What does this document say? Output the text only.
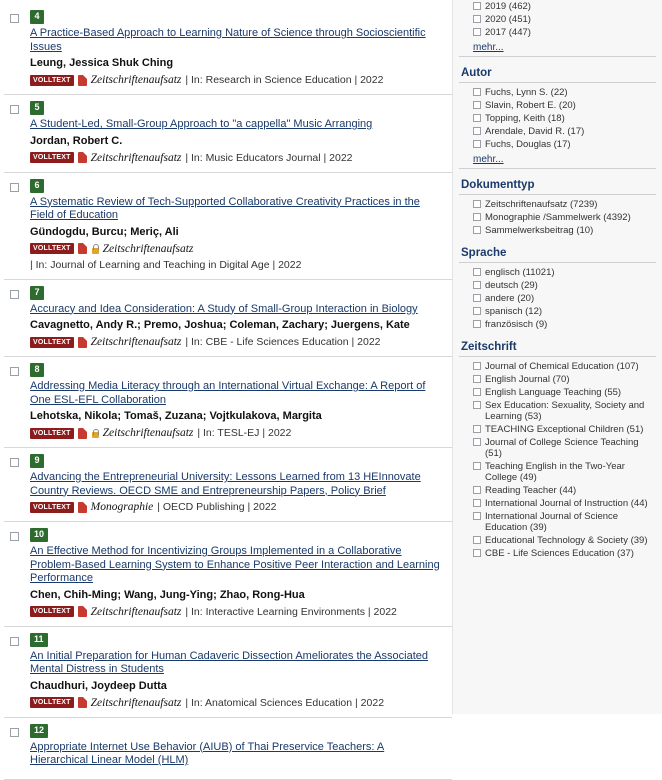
4
A Practice-Based Approach to Learning Nature of Science through Socioscientific Issues
Leung, Jessica Shuk Ching
VOLLTEXT Zeitschriftenaufsatz | In: Research in Science Education | 2022
5
A Student-Led, Small-Group Approach to "a cappella" Music Arranging
Jordan, Robert C.
VOLLTEXT Zeitschriftenaufsatz | In: Music Educators Journal | 2022
6
A Systematic Review of Tech-Supported Collaborative Creativity Practices in the Field of Education
Gündogdu, Burcu; Meriç, Ali
VOLLTEXT	Zeitschriftenaufsatz
| In: Journal of Learning and Teaching in Digital Age | 2022
7
Accuracy and Idea Consideration: A Study of Small-Group Interaction in Biology
Cavagnetto, Andy R.; Premo, Joshua; Coleman, Zachary; Juergens, Kate
VOLLTEXT Zeitschriftenaufsatz | In: CBE - Life Sciences Education | 2022
8
Addressing Media Literacy through an International Virtual Exchange: A Report of One ESL-EFL Collaboration
Lehotska, Nikola; Tomaš, Zuzana; Vojtkulakova, Margita
VOLLTEXT	Zeitschriftenaufsatz | In: TESL-EJ | 2022
9
Advancing the Entrepreneurial University: Lessons Learned from 13 HEInnovate Country Reviews. OECD SME and Entrepreneurship Papers, Policy Brief
VOLLTEXT Monographie | OECD Publishing | 2022
10
An Effective Method for Incentivizing Groups Implemented in a Collaborative Problem-Based Learning System to Enhance Positive Peer Interaction and Learning Performance
Chen, Chih-Ming; Wang, Jung-Ying; Zhao, Rong-Hua
VOLLTEXT Zeitschriftenaufsatz | In: Interactive Learning Environments | 2022
11
An Initial Preparation for Human Cadaveric Dissection Ameliorates the Associated Mental Distress in Students
Chaudhuri, Joydeep Dutta
VOLLTEXT Zeitschriftenaufsatz | In: Anatomical Sciences Education | 2022
12
Appropriate Internet Use Behavior (AIUB) of Thai Preservice Teachers: A Hierarchical Linear Model (HLM)
2019 (462)
2020 (451)
2017 (447)
mehr...
Autor
Fuchs, Lynn S. (22)
Slavin, Robert E. (20)
Topping, Keith (18)
Arendale, David R. (17)
Fuchs, Douglas (17)
mehr...
Dokumenttyp
Zeitschriftenaufsatz (7239)
Monographie /Sammelwerk (4392)
Sammelwerksbeitrag (10)
Sprache
englisch (11021)
deutsch (29)
andere (20)
spanisch (12)
französisch (9)
Zeitschrift
Journal of Chemical Education (107)
English Journal (70)
English Language Teaching (55)
Sex Education: Sexuality, Society and Learning (53)
TEACHING Exceptional Children (51)
Journal of College Science Teaching (51)
Teaching English in the Two-Year College (49)
Reading Teacher (44)
International Journal of Instruction (44)
International Journal of Science Education (39)
Educational Technology & Society (39)
CBE - Life Sciences Education (37)
